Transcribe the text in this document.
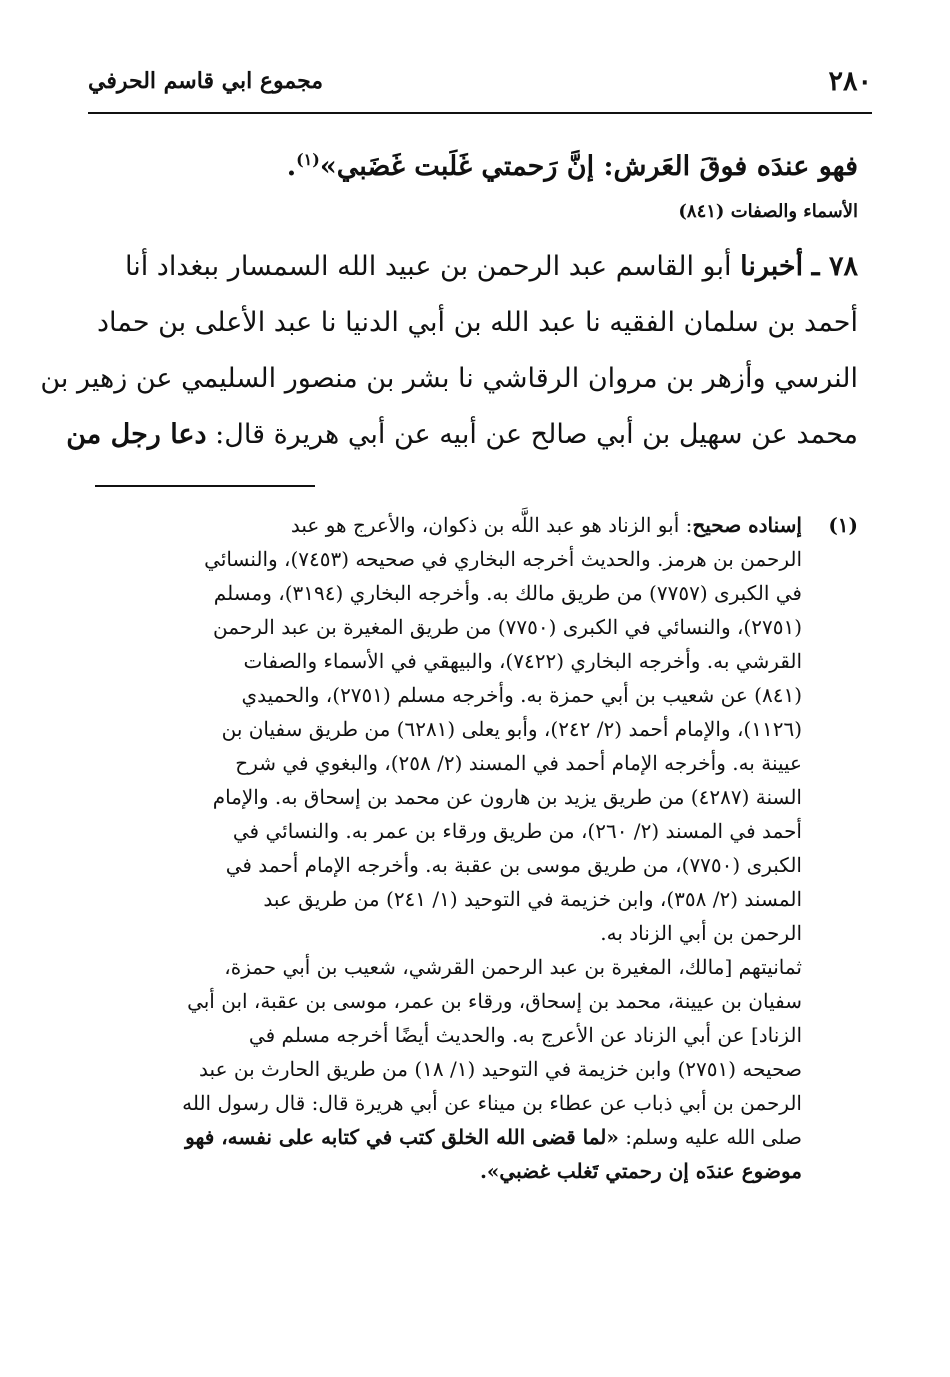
٢٨٠
مجموع ابي قاسم الحرفي
فهو عندَه فوقَ العَرش: إنَّ رَحمتي غَلَبت غَضَبي»$^{(١)}$.
الأسماء والصفات (٨٤١)
٧٨ ـ أخبرنا أبو القاسم عبد الرحمن بن عبيد الله السمسار ببغداد أنا
أحمد بن سلمان الفقيه نا عبد الله بن أبي الدنيا نا عبد الأعلى بن حماد
النرسي وأزهر بن مروان الرقاشي نا بشر بن منصور السليمي عن زهير بن
محمد عن سهيل بن أبي صالح عن أبيه عن أبي هريرة قال: دعا رجل من
(١)
إسناده صحيح: أبو الزناد هو عبد اللَّه بن ذكوان، والأعرج هو عبد
الرحمن بن هرمز. والحديث أخرجه البخاري في صحيحه (٧٤٥٣)، والنسائي
في الكبرى (٧٧٥٧) من طريق مالك به. وأخرجه البخاري (٣١٩٤)، ومسلم
(٢٧٥١)، والنسائي في الكبرى (٧٧٥٠) من طريق المغيرة بن عبد الرحمن
القرشي به. وأخرجه البخاري (٧٤٢٢)، والبيهقي في الأسماء والصفات
(٨٤١) عن شعيب بن أبي حمزة به. وأخرجه مسلم (٢٧٥١)، والحميدي
(١١٢٦)، والإمام أحمد (٢/ ٢٤٢)، وأبو يعلى (٦٢٨١) من طريق سفيان بن
عيينة به. وأخرجه الإمام أحمد في المسند (٢/ ٢٥٨)، والبغوي في شرح
السنة (٤٢٨٧) من طريق يزيد بن هارون عن محمد بن إسحاق به. والإمام
أحمد في المسند (٢/ ٢٦٠)، من طريق ورقاء بن عمر به. والنسائي في
الكبرى (٧٧٥٠)، من طريق موسى بن عقبة به. وأخرجه الإمام أحمد في
المسند (٢/ ٣٥٨)، وابن خزيمة في التوحيد (١/ ٢٤١) من طريق عبد
الرحمن بن أبي الزناد به.
ثمانيتهم [مالك، المغيرة بن عبد الرحمن القرشي، شعيب بن أبي حمزة،
سفيان بن عيينة، محمد بن إسحاق، ورقاء بن عمر، موسى بن عقبة، ابن أبي
الزناد] عن أبي الزناد عن الأعرج به. والحديث أيضًا أخرجه مسلم في
صحيحه (٢٧٥١) وابن خزيمة في التوحيد (١/ ١٨) من طريق الحارث بن عبد
الرحمن بن أبي ذباب عن عطاء بن ميناء عن أبي هريرة قال: قال رسول الله
صلى الله عليه وسلم: «لما قضى الله الخلق كتب في كتابه على نفسه، فهو
موضوع عندَه إن رحمتي تَغلب غضبي».
